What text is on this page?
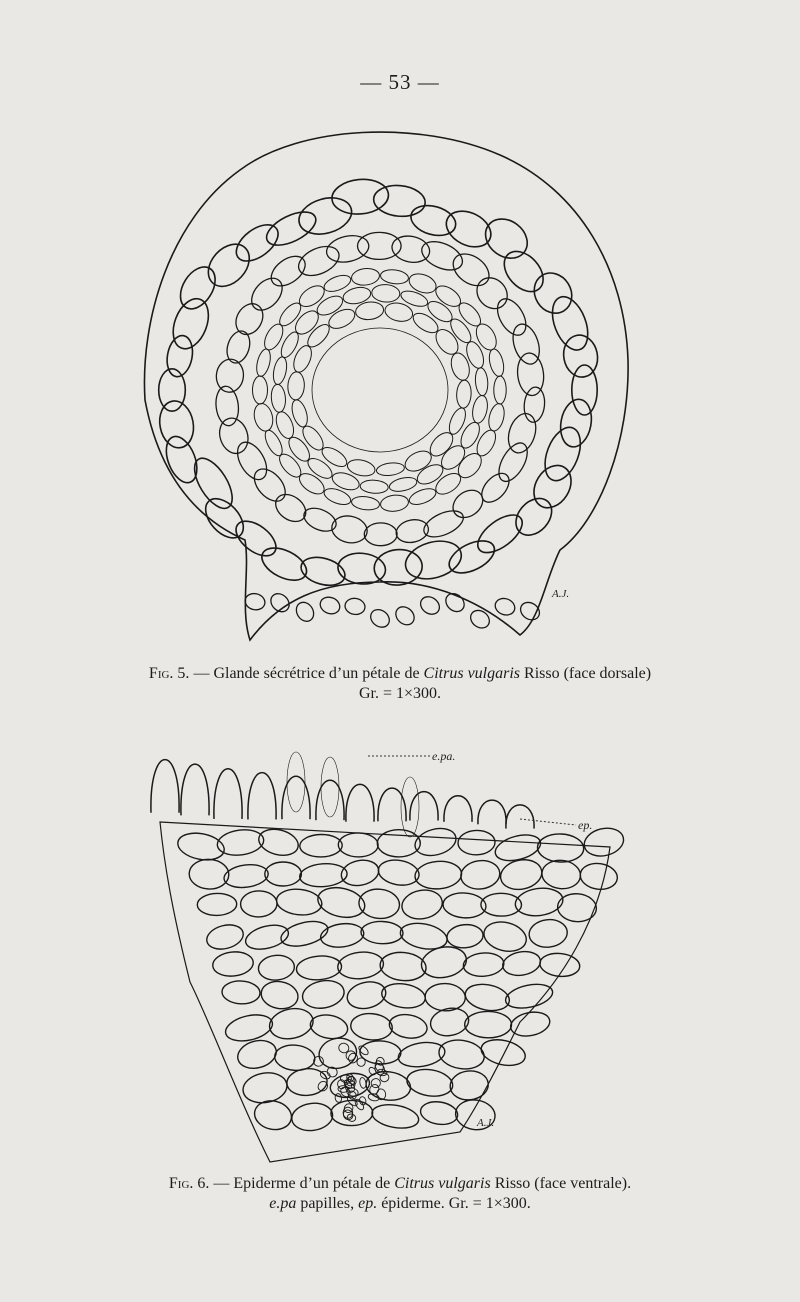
— 53 —
A.J.
Fig. 5. — Glande sécrétrice d’un pétale de Citrus vulgaris Risso (face dorsale)
Gr. = 1×300.
e.pa.
ep.
A.J.
Fig. 6. — Epiderme d’un pétale de Citrus vulgaris Risso (face ventrale).
e.pa papilles, ep. épiderme. Gr. = 1×300.
